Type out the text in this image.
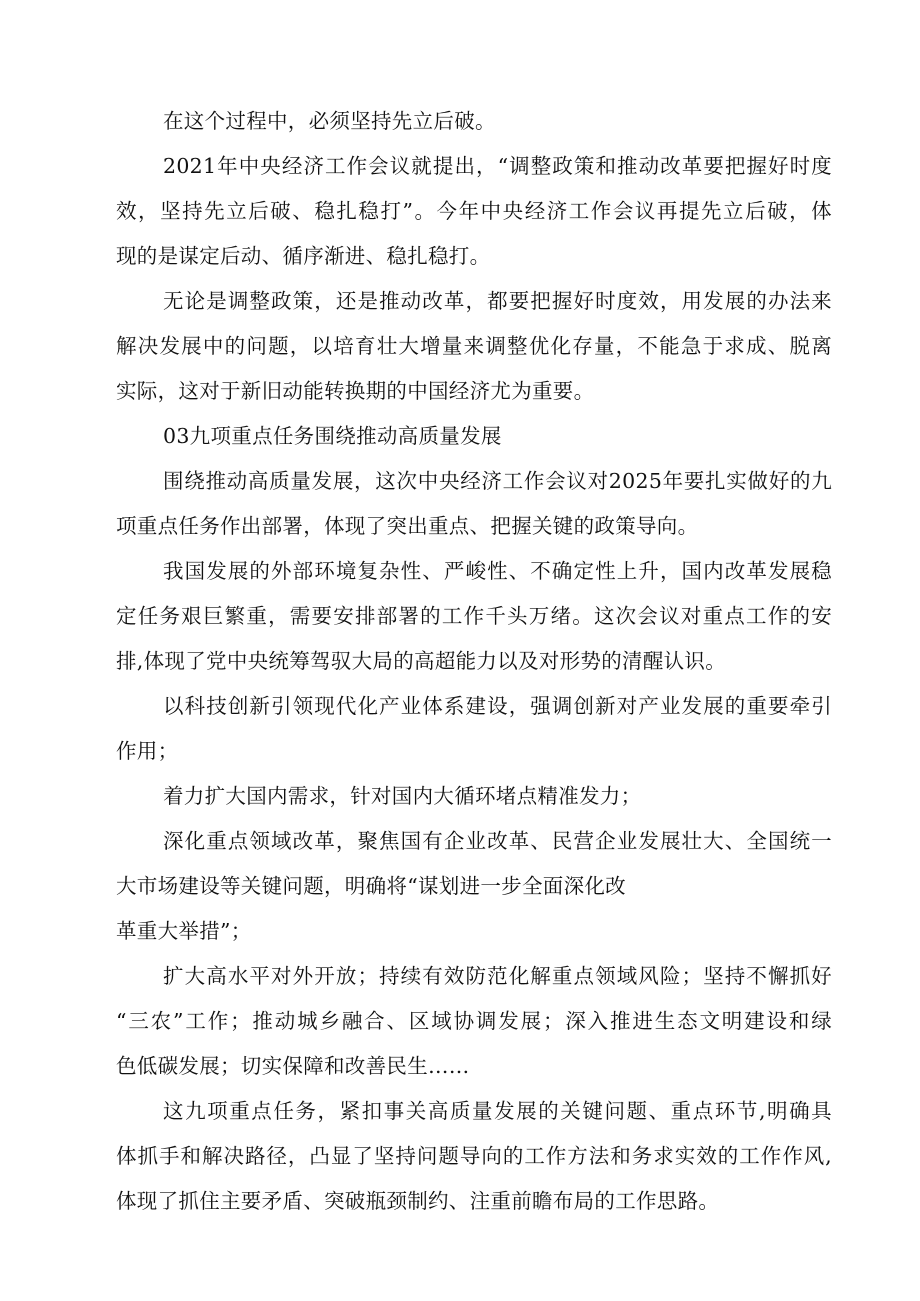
在这个过程中，必须坚持先立后破。
2021年中央经济工作会议就提出，“调整政策和推动改革要把握好时度
效，坚持先立后破、稳扎稳打”。今年中央经济工作会议再提先立后破，体
现的是谋定后动、循序渐进、稳扎稳打。
无论是调整政策，还是推动改革，都要把握好时度效，用发展的办法来
解决发展中的问题，以培育壮大增量来调整优化存量，不能急于求成、脱离
实际，这对于新旧动能转换期的中国经济尤为重要。
03九项重点任务围绕推动高质量发展
围绕推动高质量发展，这次中央经济工作会议对2025年要扎实做好的九
项重点任务作出部署，体现了突出重点、把握关键的政策导向。
我国发展的外部环境复杂性、严峻性、不确定性上升，国内改革发展稳
定任务艰巨繁重，需要安排部署的工作千头万绪。这次会议对重点工作的安
排,体现了党中央统筹驾驭大局的高超能力以及对形势的清醒认识。
以科技创新引领现代化产业体系建设，强调创新对产业发展的重要牵引
作用；
着力扩大国内需求，针对国内大循环堵点精准发力；
深化重点领域改革，聚焦国有企业改革、民营企业发展壮大、全国统一
大市场建设等关键问题，明确将“谋划进一步全面深化改
革重大举措”；
扩大高水平对外开放；持续有效防范化解重点领域风险；坚持不懈抓好
“三农”工作；推动城乡融合、区域协调发展；深入推进生态文明建设和绿
色低碳发展；切实保障和改善民生……
这九项重点任务，紧扣事关高质量发展的关键问题、重点环节,明确具
体抓手和解决路径，凸显了坚持问题导向的工作方法和务求实效的工作作风,
体现了抓住主要矛盾、突破瓶颈制约、注重前瞻布局的工作思路。
